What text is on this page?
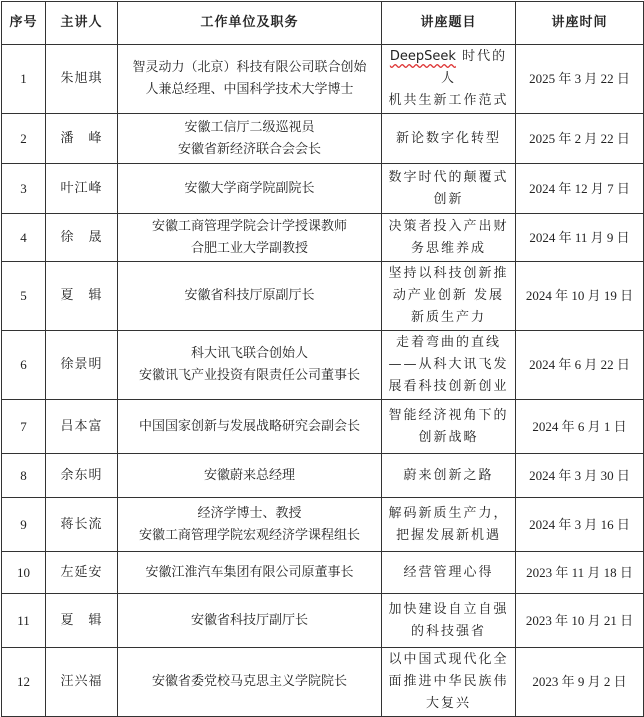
序号	主讲人	工作单位及职务	讲座题目	讲座时间
1	朱旭琪	智灵动力（北京）科技有限公司联合创始
人兼总经理、中国科学技术大学博士	DeepSeek 时代的人
机共生新工作范式	2025 年 3 月 22 日
2	潘　峰	安徽工信厅二级巡视员
安徽省新经济联合会会长	新论数字化转型	2025 年 2 月 22 日
3	叶江峰	安徽大学商学院副院长	数字时代的颠覆式
创新	2024 年 12 月 7 日
4	徐　晟	安徽工商管理学院会计学授课教师
合肥工业大学副教授	决策者投入产出财
务思维养成	2024 年 11 月 9 日
5	夏　辑	安徽省科技厅原副厅长	坚持以科技创新推
动产业创新 发展
新质生产力	2024 年 10 月 19 日
6	徐景明	科大讯飞联合创始人
安徽讯飞产业投资有限责任公司董事长	走着弯曲的直线
——从科大讯飞发
展看科技创新创业	2024 年 6 月 22 日
7	吕本富	中国国家创新与发展战略研究会副会长	智能经济视角下的
创新战略	2024 年 6 月 1 日
8	余东明	安徽蔚来总经理	蔚来创新之路	2024 年 3 月 30 日
9	蒋长流	经济学博士、教授
安徽工商管理学院宏观经济学课程组长	解码新质生产力，
把握发展新机遇	2024 年 3 月 16 日
10	左延安	安徽江淮汽车集团有限公司原董事长	经营管理心得	2023 年 11 月 18 日
11	夏　辑	安徽省科技厅副厅长	加快建设自立自强
的科技强省	2023 年 10 月 21 日
12	汪兴福	安徽省委党校马克思主义学院院长	以中国式现代化全
面推进中华民族伟
大复兴	2023 年 9 月 2 日
